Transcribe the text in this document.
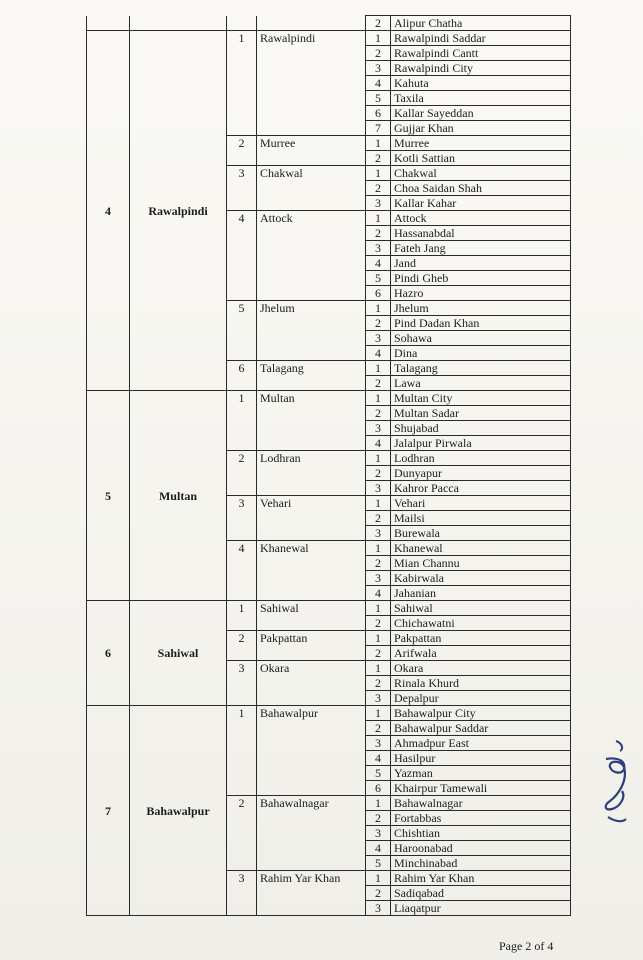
				2	Alipur Chatha
4	Rawalpindi	1	Rawalpindi	1	Rawalpindi Saddar
				2	Rawalpindi Cantt
				3	Rawalpindi City
				4	Kahuta
				5	Taxila
				6	Kallar Sayeddan
				7	Gujjar Khan
		2	Murree	1	Murree
				2	Kotli Sattian
		3	Chakwal	1	Chakwal
				2	Choa Saidan Shah
				3	Kallar Kahar
		4	Attock	1	Attock
				2	Hassanabdal
				3	Fateh Jang
				4	Jand
				5	Pindi Gheb
				6	Hazro
		5	Jhelum	1	Jhelum
				2	Pind Dadan Khan
				3	Sohawa
				4	Dina
		6	Talagang	1	Talagang
				2	Lawa
5	Multan	1	Multan	1	Multan City
				2	Multan Sadar
				3	Shujabad
				4	Jalalpur Pirwala
		2	Lodhran	1	Lodhran
				2	Dunyapur
				3	Kahror Pacca
		3	Vehari	1	Vehari
				2	Mailsi
				3	Burewala
		4	Khanewal	1	Khanewal
				2	Mian Channu
				3	Kabirwala
				4	Jahanian
6	Sahiwal	1	Sahiwal	1	Sahiwal
				2	Chichawatni
		2	Pakpattan	1	Pakpattan
				2	Arifwala
		3	Okara	1	Okara
				2	Rinala Khurd
				3	Depalpur
7	Bahawalpur	1	Bahawalpur	1	Bahawalpur City
				2	Bahawalpur Saddar
				3	Ahmadpur East
				4	Hasilpur
				5	Yazman
				6	Khairpur Tamewali
		2	Bahawalnagar	1	Bahawalnagar
				2	Fortabbas
				3	Chishtian
				4	Haroonabad
				5	Minchinabad
		3	Rahim Yar Khan	1	Rahim Yar Khan
				2	Sadiqabad
				3	Liaqatpur
Page 2 of 4
